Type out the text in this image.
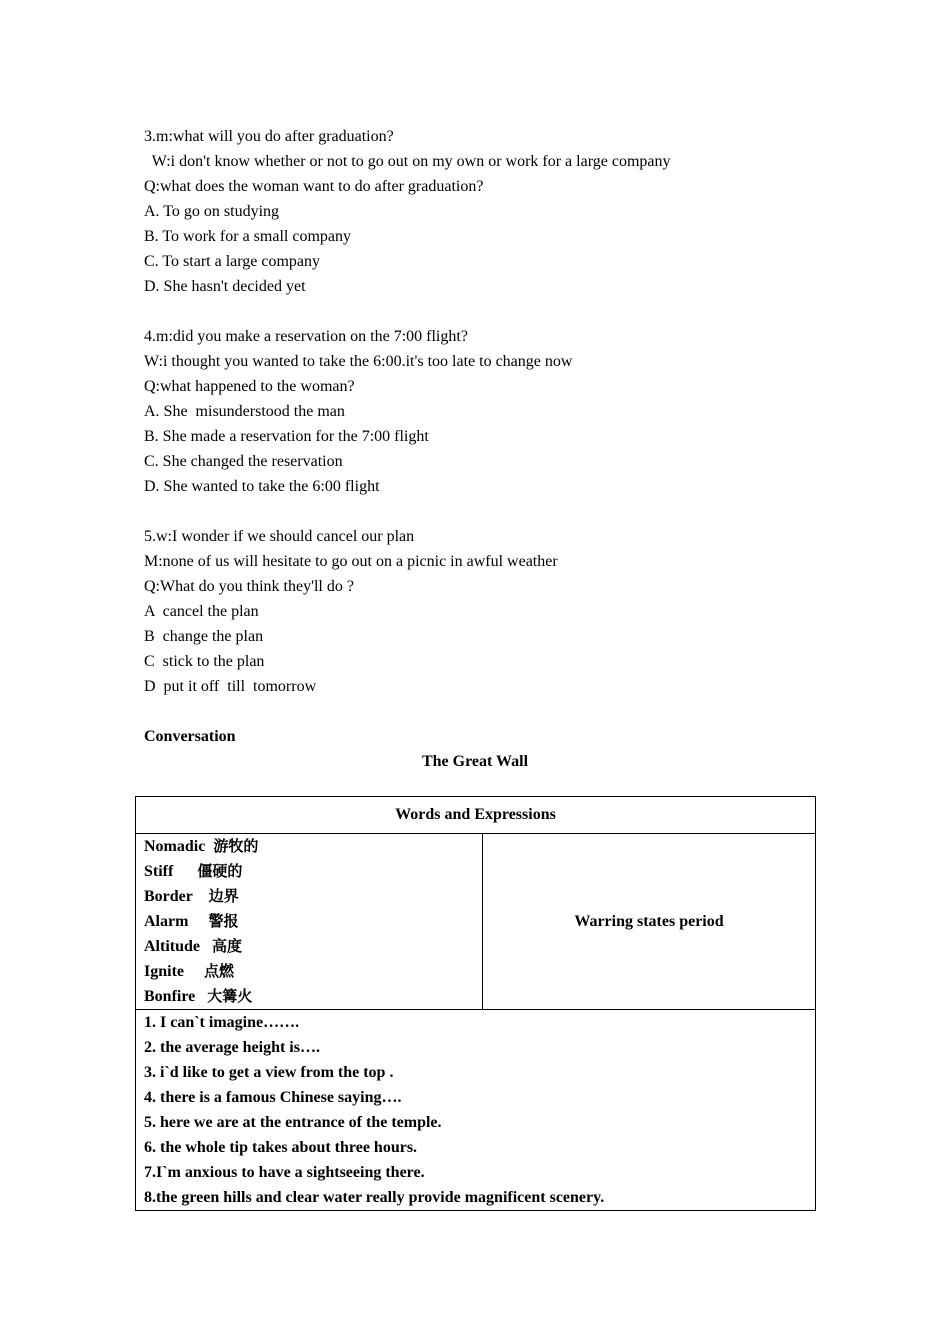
3.m:what will you do after graduation?
W:i don't know whether or not to go out on my own or work for a large company
Q:what does the woman want to do after graduation?
A. To go on studying
B. To work for a small company
C. To start a large company
D. She hasn't decided yet
4.m:did you make a reservation on the 7:00 flight?
W:i thought you wanted to take the 6:00.it's too late to change now
Q:what happened to the woman?
A. She  misunderstood the man
B. She made a reservation for the 7:00 flight
C. She changed the reservation
D. She wanted to take the 6:00 flight
5.w:I wonder if we should cancel our plan
M:none of us will hesitate to go out on a picnic in awful weather
Q:What do you think they'll do ?
A  cancel the plan
B  change the plan
C  stick to the plan
D  put it off  till  tomorrow
Conversation
The Great Wall
Words and Expressions

Nomadic 游牧的
Stiff 僵硬的
Border 边界
Alarm 警报
Altitude 高度
Ignite 点燃
Bonfire 大篝火
	Warring states period

1. I can`t imagine…….
2. the average height is….
3. i`d like to get a view from the top .
4. there is a famous Chinese saying….
5. here we are at the entrance of the temple.
6. the whole tip takes about three hours.
7.I`m anxious to have a sightseeing there.
8.the green hills and clear water really provide magnificent scenery.
